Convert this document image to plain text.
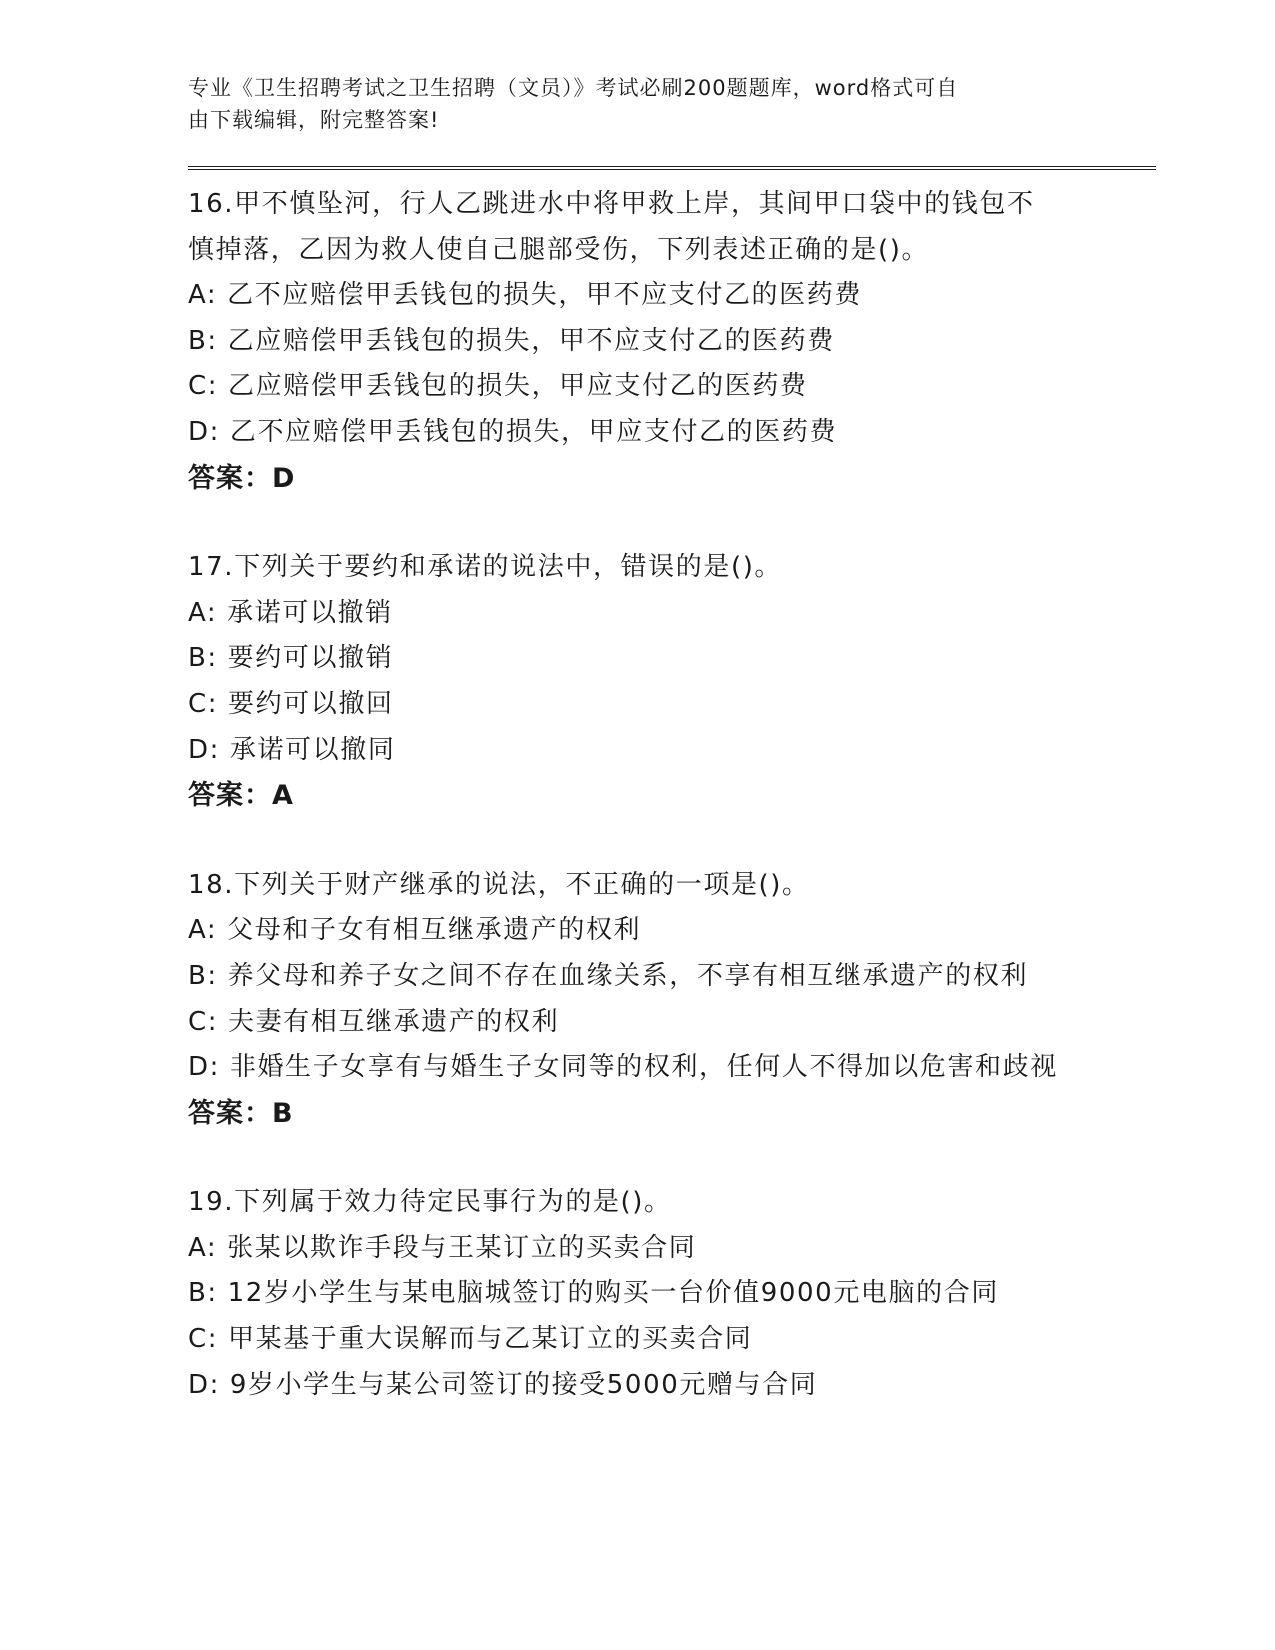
专业《卫生招聘考试之卫生招聘（文员）》考试必刷200题题库，word格式可自
由下载编辑，附完整答案!
16.甲不慎坠河，行人乙跳进水中将甲救上岸，其间甲口袋中的钱包不
慎掉落，乙因为救人使自己腿部受伤，下列表述正确的是()。
A: 乙不应赔偿甲丢钱包的损失，甲不应支付乙的医药费
B: 乙应赔偿甲丢钱包的损失，甲不应支付乙的医药费
C: 乙应赔偿甲丢钱包的损失，甲应支付乙的医药费
D: 乙不应赔偿甲丢钱包的损失，甲应支付乙的医药费
答案：D
17.下列关于要约和承诺的说法中，错误的是()。
A: 承诺可以撤销
B: 要约可以撤销
C: 要约可以撤回
D: 承诺可以撤同
答案：A
18.下列关于财产继承的说法，不正确的一项是()。
A: 父母和子女有相互继承遗产的权利
B: 养父母和养子女之间不存在血缘关系，不享有相互继承遗产的权利
C: 夫妻有相互继承遗产的权利
D: 非婚生子女享有与婚生子女同等的权利，任何人不得加以危害和歧视
答案：B
19.下列属于效力待定民事行为的是()。
A: 张某以欺诈手段与王某订立的买卖合同
B: 12岁小学生与某电脑城签订的购买一台价值9000元电脑的合同
C: 甲某基于重大误解而与乙某订立的买卖合同
D: 9岁小学生与某公司签订的接受5000元赠与合同
